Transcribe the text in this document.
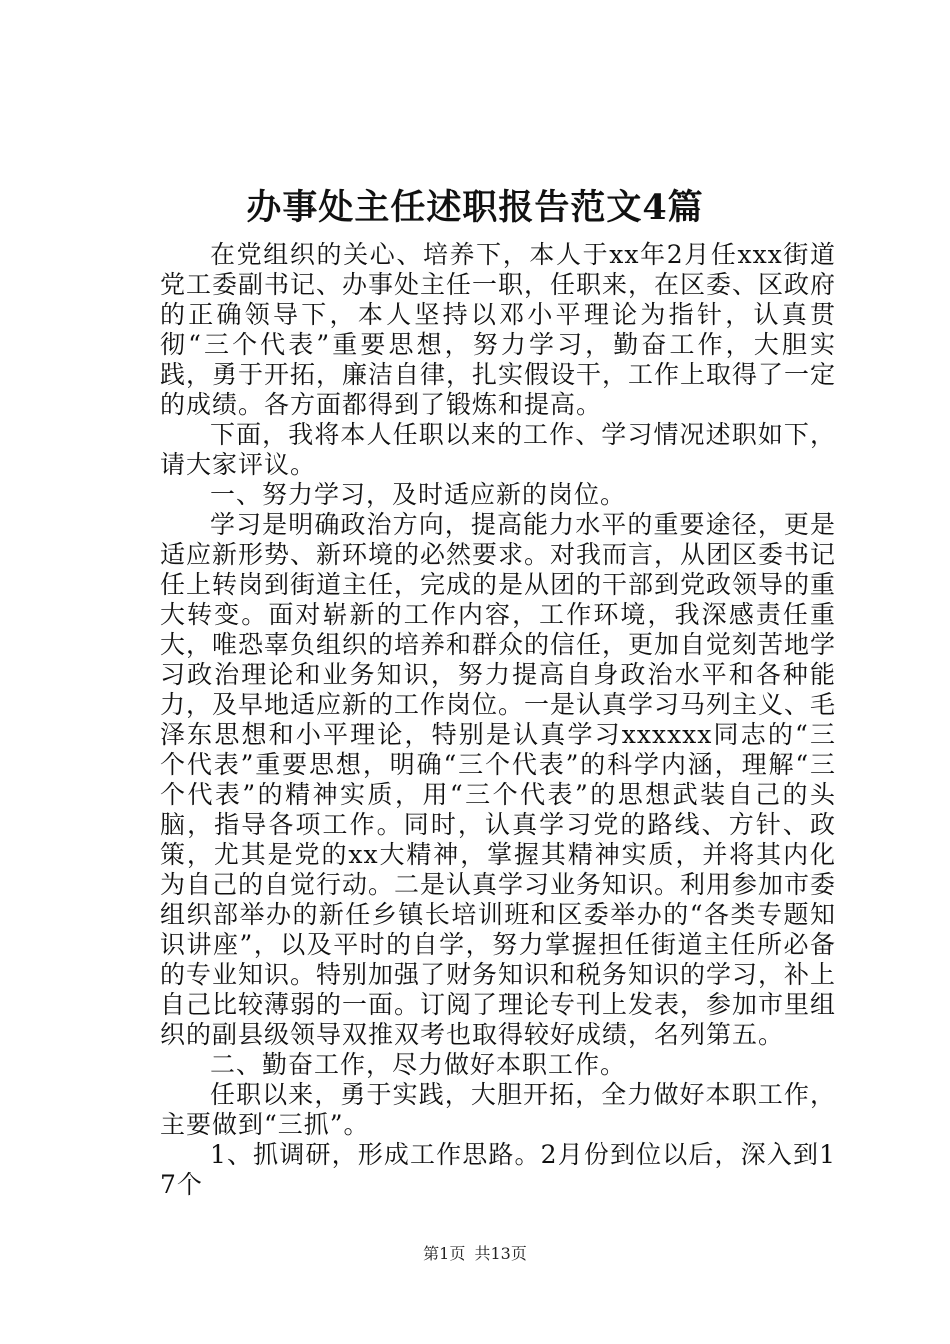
办事处主任述职报告范文4篇

在党组织的关心、培养下，本人于xx年2月任xxx街道党工委副书记、办事处主任一职，任职来，在区委、区政府的正确领导下，本人坚持以邓小平理论为指针，认真贯彻“三个代表”重要思想，努力学习，勤奋工作，大胆实践，勇于开拓，廉洁自律，扎实假设干，工作上取得了一定的成绩。各方面都得到了锻炼和提高。

下面，我将本人任职以来的工作、学习情况述职如下，请大家评议。

一、努力学习，及时适应新的岗位。

学习是明确政治方向，提高能力水平的重要途径，更是适应新形势、新环境的必然要求。对我而言，从团区委书记任上转岗到街道主任，完成的是从团的干部到党政领导的重大转变。面对崭新的工作内容，工作环境，我深感责任重大，唯恐辜负组织的培养和群众的信任，更加自觉刻苦地学习政治理论和业务知识，努力提高自身政治水平和各种能力，及早地适应新的工作岗位。一是认真学习马列主义、毛泽东思想和小平理论，特别是认真学习xxxxxx同志的“三个代表”重要思想，明确“三个代表”的科学内涵，理解“三个代表”的精神实质，用“三个代表”的思想武装自己的头脑，指导各项工作。同时，认真学习党的路线、方针、政策，尤其是党的xx大精神，掌握其精神实质，并将其内化为自己的自觉行动。二是认真学习业务知识。利用参加市委组织部举办的新任乡镇长培训班和区委举办的“各类专题知识讲座”，以及平时的自学，努力掌握担任街道主任所必备的专业知识。特别加强了财务知识和税务知识的学习，补上自己比较薄弱的一面。订阅了理论专刊上发表，参加市里组织的副县级领导双推双考也取得较好成绩，名列第五。

二、勤奋工作，尽力做好本职工作。

任职以来，勇于实践，大胆开拓，全力做好本职工作，主要做到“三抓”。

1、抓调研，形成工作思路。2月份到位以后，深入到17个

第1页 共13页
